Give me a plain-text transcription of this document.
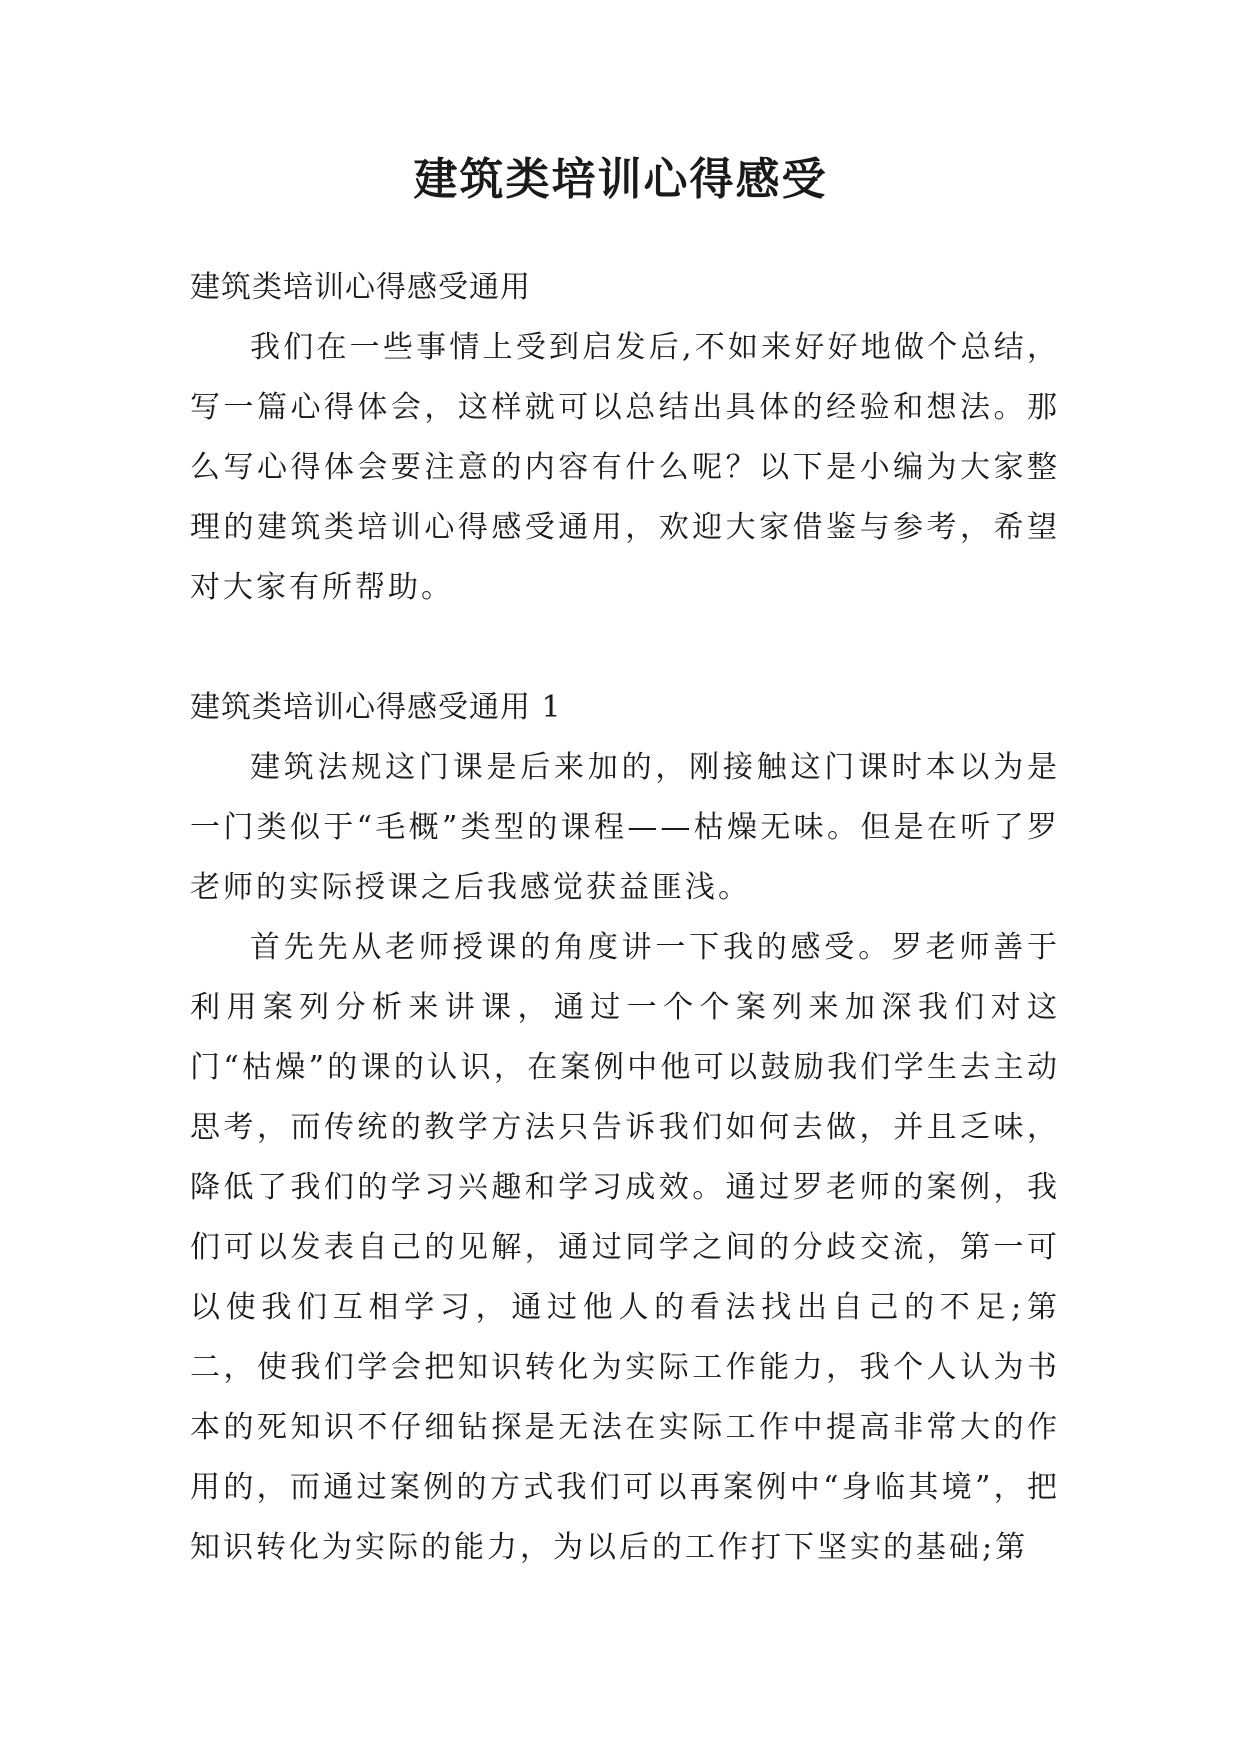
建筑类培训心得感受

建筑类培训心得感受通用

我们在一些事情上受到启发后,不如来好好地做个总结，写一篇心得体会，这样就可以总结出具体的经验和想法。那么写心得体会要注意的内容有什么呢？以下是小编为大家整理的建筑类培训心得感受通用，欢迎大家借鉴与参考，希望对大家有所帮助。

建筑类培训心得感受通用 1

建筑法规这门课是后来加的，刚接触这门课时本以为是一门类似于“毛概”类型的课程——枯燥无味。但是在听了罗老师的实际授课之后我感觉获益匪浅。

首先先从老师授课的角度讲一下我的感受。罗老师善于利用案列分析来讲课，通过一个个案列来加深我们对这门“枯燥”的课的认识，在案例中他可以鼓励我们学生去主动思考，而传统的教学方法只告诉我们如何去做，并且乏味，降低了我们的学习兴趣和学习成效。通过罗老师的案例，我们可以发表自己的见解，通过同学之间的分歧交流，第一可以使我们互相学习，通过他人的看法找出自己的不足;第二，使我们学会把知识转化为实际工作能力，我个人认为书本的死知识不仔细钻探是无法在实际工作中提高非常大的作用的，而通过案例的方式我们可以再案例中“身临其境”，把知识转化为实际的能力，为以后的工作打下坚实的基础;第
